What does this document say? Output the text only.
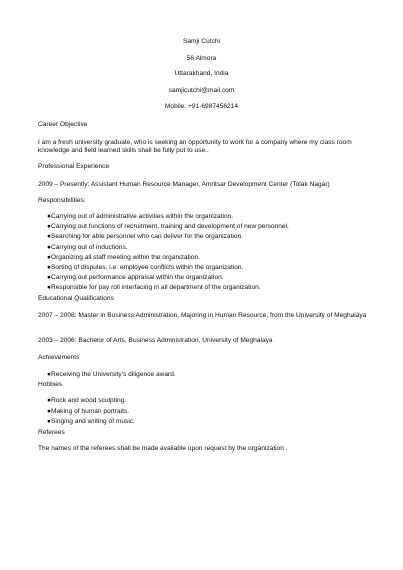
Samji Cutchi
56 Almora
Uttarakhand, India
samjicutchi@mail.com
Mobile: +91-6987456214
Career Objective
I am a fresh university graduate, who is seeking an opportunity to work for a company where my class room knowledge and field learned skills shall be fully put to use..
Professional Experience
2009 – Presently: Assistant Human Resource Manager, Amritsar Development Center (Tolak Nagar)
Responsibilities:
●Carrying out of administrative activities within the organization.
●Carrying out functions of recruitment, training and development of new personnel.
●Searching for able personnel who can deliver for the organization.
●Carrying out of inductions.
●Organizing all staff meeting within the organization.
●Sorting of disputes, i.e. employee conflicts within the organization.
●Carrying out performance appraisal within the organization.
●Responsible for pay roll interfacing in all department of the organization.
Educational Qualifications
2007 – 2008: Master in Business Administration, Majoring in Human Resource, from the University of Meghalaya
2003 – 2006: Bachelor of Arts, Business Administration, University of Meghalaya
Achievements
●Receiving the University's diligence award.
Hobbies
●Rock and wood sculpting.
●Making of human portraits.
●Singing and writing of music.
Referees
The names of the referees shall be made available upon request by the organization .
